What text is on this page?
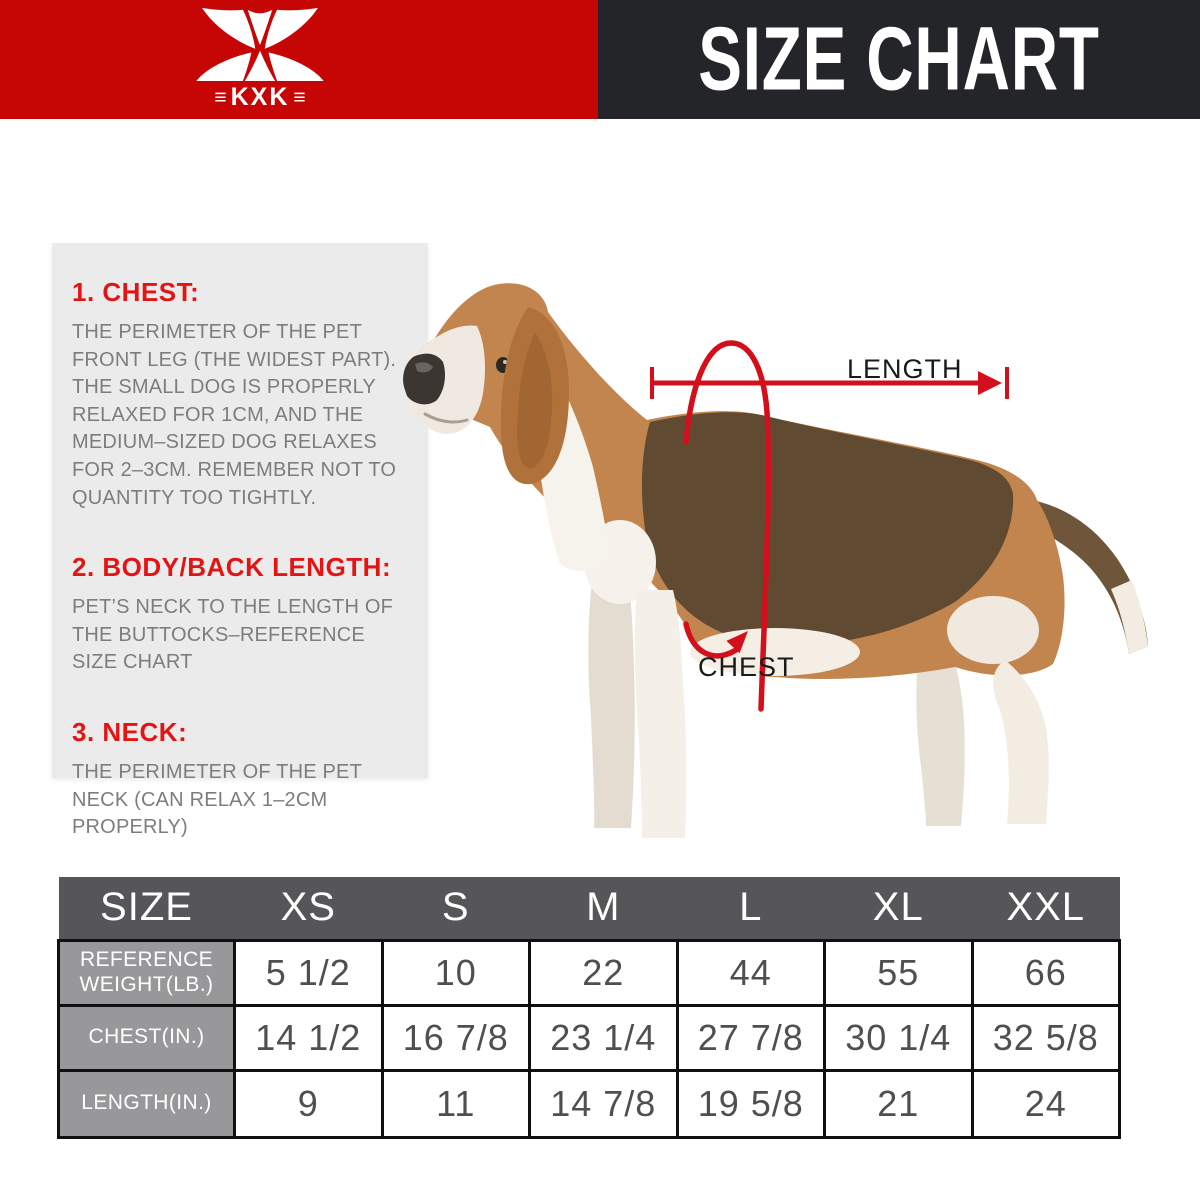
≡ KXK ≡	SIZE CHART
1. CHEST:
THE PERIMETER OF THE PET FRONT LEG (THE WIDEST PART). THE SMALL DOG IS PROPERLY RELAXED FOR 1CM, AND THE MEDIUM–SIZED DOG RELAXES FOR 2–3CM. REMEMBER NOT TO QUANTITY TOO TIGHTLY.
2. BODY/BACK LENGTH:
PET’S NECK TO THE LENGTH OF THE BUTTOCKS–REFERENCE SIZE CHART
3. NECK:
THE PERIMETER OF THE PET NECK (CAN RELAX 1–2CM PROPERLY)
LENGTH
CHEST
SIZE	XS	S	M	L	XL	XXL
REFERENCE WEIGHT(LB.)	5 1/2	10	22	44	55	66
CHEST(IN.)	14 1/2	16 7/8	23 1/4	27 7/8	30 1/4	32 5/8
LENGTH(IN.)	9	11	14 7/8	19 5/8	21	24
